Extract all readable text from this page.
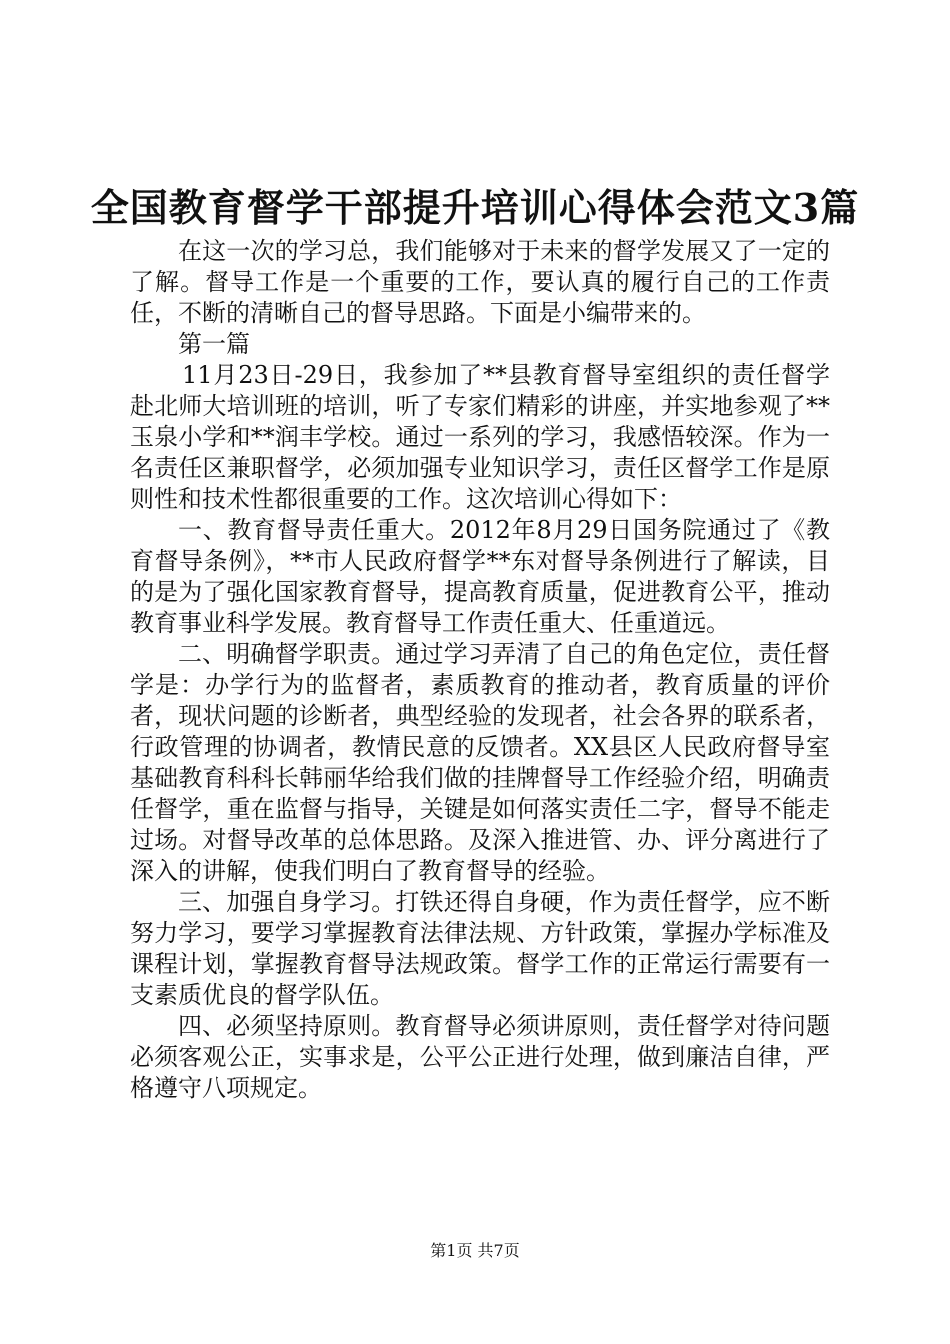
全国教育督学干部提升培训心得体会范文3篇

在这一次的学习总，我们能够对于未来的督学发展又了一定的了解。督导工作是一个重要的工作，要认真的履行自己的工作责任，不断的清晰自己的督导思路。下面是小编带来的。

第一篇

11月23日-29日，我参加了**县教育督导室组织的责任督学赴北师大培训班的培训，听了专家们精彩的讲座，并实地参观了**玉泉小学和**润丰学校。通过一系列的学习，我感悟较深。作为一名责任区兼职督学，必须加强专业知识学习，责任区督学工作是原则性和技术性都很重要的工作。这次培训心得如下：

一、教育督导责任重大。2012年8月29日国务院通过了《教育督导条例》，**市人民政府督学**东对督导条例进行了解读，目的是为了强化国家教育督导，提高教育质量，促进教育公平，推动教育事业科学发展。教育督导工作责任重大、任重道远。

二、明确督学职责。通过学习弄清了自己的角色定位，责任督学是：办学行为的监督者，素质教育的推动者，教育质量的评价者，现状问题的诊断者，典型经验的发现者，社会各界的联系者，行政管理的协调者，教情民意的反馈者。XX县区人民政府督导室基础教育科科长韩丽华给我们做的挂牌督导工作经验介绍，明确责任督学，重在监督与指导，关键是如何落实责任二字，督导不能走过场。对督导改革的总体思路。及深入推进管、办、评分离进行了深入的讲解，使我们明白了教育督导的经验。

三、加强自身学习。打铁还得自身硬，作为责任督学，应不断努力学习，要学习掌握教育法律法规、方针政策，掌握办学标准及课程计划，掌握教育督导法规政策。督学工作的正常运行需要有一支素质优良的督学队伍。

四、必须坚持原则。教育督导必须讲原则，责任督学对待问题必须客观公正，实事求是，公平公正进行处理，做到廉洁自律，严格遵守八项规定。

第1页 共7页
